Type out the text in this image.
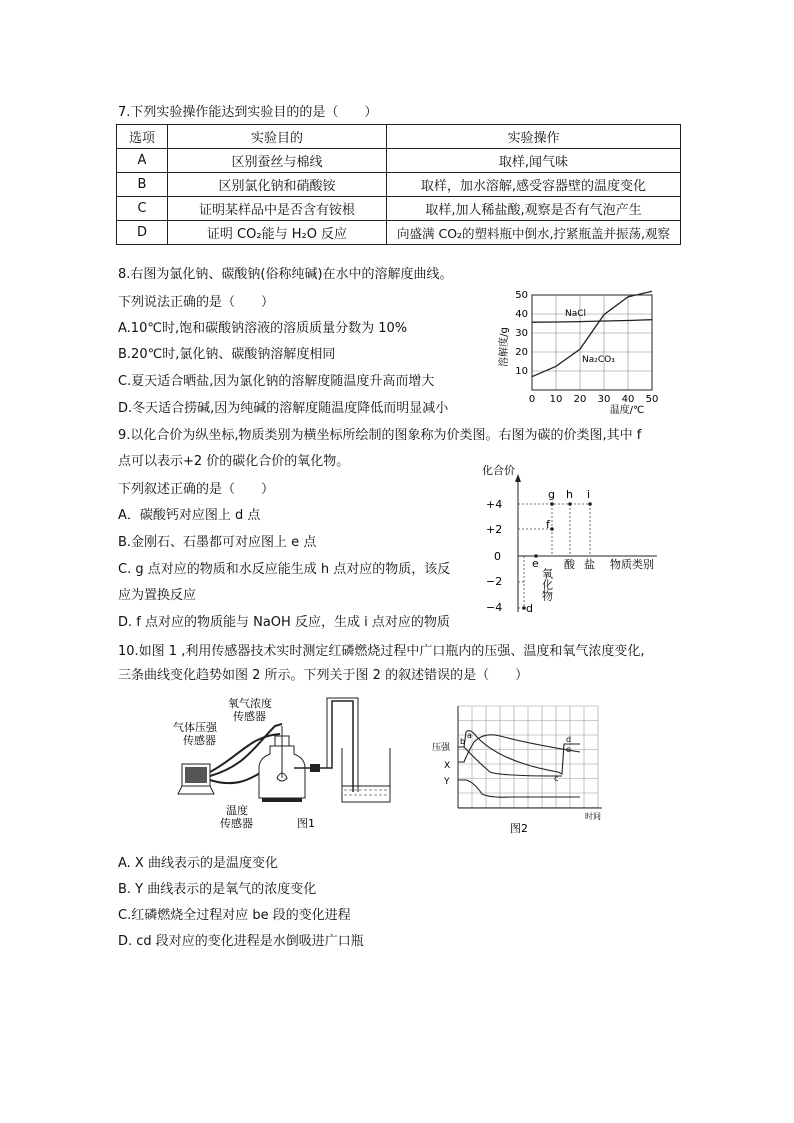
7.下列实验操作能达到实验目的的是（　　）
选项	实验目的	实验操作
A	区别蚕丝与棉线	取样,闻气味
B	区别氯化钠和硝酸铵	取样，加水溶解,感受容器壁的温度变化
C	证明某样品中是否含有铵根	取样,加人稀盐酸,观察是否有气泡产生
D	证明 CO₂能与 H₂O 反应	向盛满 CO₂的塑料瓶中倒水,拧紧瓶盖并振荡,观察
8.右图为氯化钠、碳酸钠(俗称纯碱)在水中的溶解度曲线。
下列说法正确的是（　　）
A.10℃时,饱和碳酸钠溶液的溶质质量分数为 10%
B.20℃时,氯化钠、碳酸钠溶解度相同
C.夏天适合晒盐,因为氯化钠的溶解度随温度升高而增大
D.冬天适合捞碱,因为纯碱的溶解度随温度降低而明显减小
溶解度/g
温度/℃
0 10 20 30 40 50
10
20
30
40
50
NaCl
Na₂CO₃
9.以化合价为纵坐标,物质类别为横坐标所绘制的图象称为价类图。右图为碳的价类图,其中 f
点可以表示+2 价的碳化合价的氧化物。
下列叙述正确的是（　　）
A．碳酸钙对应图上 d 点
B.金刚石、石墨都可对应图上 e 点
C. g 点对应的物质和水反应能生成 h 点对应的物质，该反
应为置换反应
D. f 点对应的物质能与 NaOH 反应，生成 i 点对应的物质
化合价
物质类别
+4
+2
0
−2
−4
g h i
f
e
d
氧化物
酸 盐
10.如图 1 ,利用传感器技术实时测定红磷燃烧过程中广口瓶内的压强、温度和氧气浓度变化,
三条曲线变化趋势如图 2 所示。下列关于图 2 的叙述错误的是（　　）
氧气浓度
传感器
气体压强
传感器
温度
传感器	图1
压强
X
Y
时间
图2
a
b
c
d
e
A. X 曲线表示的是温度变化
B. Y 曲线表示的是氧气的浓度变化
C.红磷燃烧全过程对应 be 段的变化进程
D. cd 段对应的变化进程是水倒吸进广口瓶
